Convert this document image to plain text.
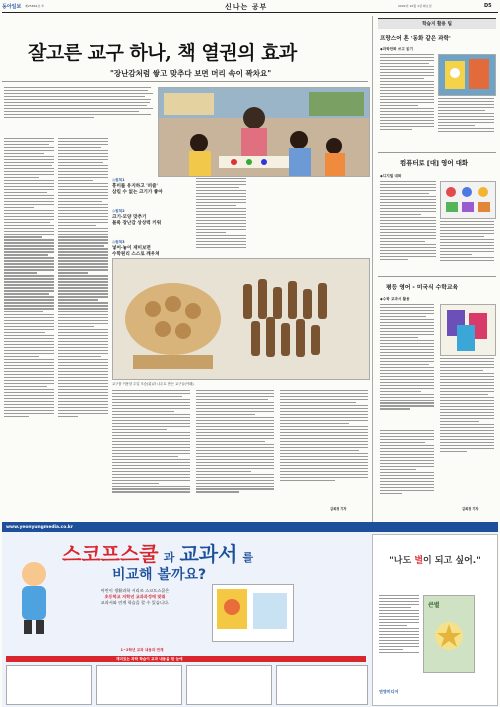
동아일보 제25662호 ⑤	신나는 공부	2002년 10월 1일 화요일	D5
잘고른 교구 하나, 책 열권의 효과
"장난감처럼 쌓고 맞추다 보면 머리 속이 꽉차요"
◎원칙1
흥미를 유지하고 '퍼즐'
삼킬 수 없는 크기가 좋아
◎원칙2
크기·모양 맞추기
블록 장난감 상상력 키워
◎원칙3
넣어·놓이 재미보면
수학원리 스스로 깨우쳐
교구를 이용한 수업 모습(위)과 나무로 만든 교구들(아래).
김희경 기자
학습지 활용 팁
프랑스어 혼 '동화 같은 과학'
◆과학만화 쓰고 읽기
컴퓨터로 [대] 영어 대화
◆디지털 대화
평등 영어 - 미국식 수학교육
◆수학 교과서 활용
김희경 기자
www.yeonyungmedia.co.kr
스코프스쿨 과 교과서 를
비교해 볼까요?
어린이 생활과학 시리즈 스코프스쿨은
초등학교 저학년 교과과정에 맞춰
교과서와 연계 학습을 할 수 있습니다.
1~2학년 교과 내용과 연계
재미있는 과학 학습이 교과 내용을 한 눈에
"나도 별이 되고 싶어."
큰별
연영미디어
